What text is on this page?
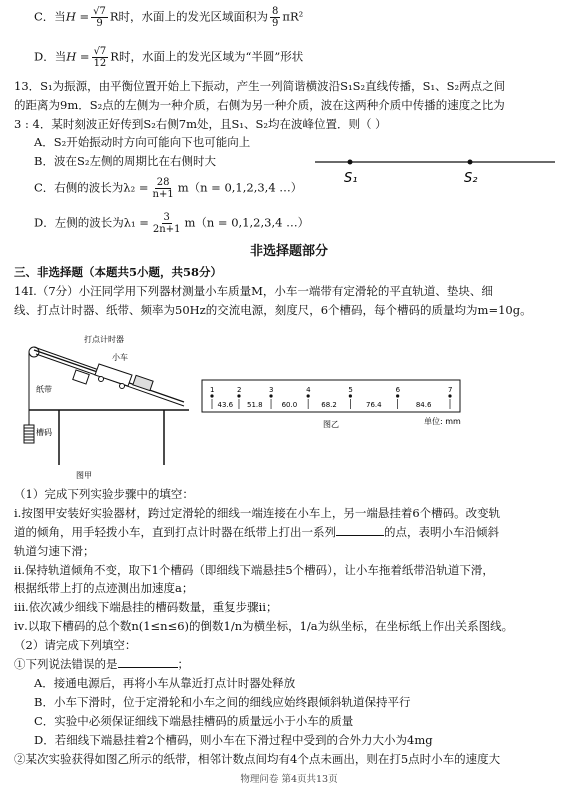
C．当$H = \frac{√7}{9}$ R时，水面上的发光区域面积为 $\frac{8}{9} \pi R^2$
D．当$H = \frac{√7}{12}$ R时，水面上的发光区域为“半圆”形状
13．S₁为振源，由平衡位置开始上下振动，产生一列简谐横波沿S₁S₂直线传播，S₁、S₂两点之间
的距离为9m．S₂点的左侧为一种介质，右侧为另一种介质，波在这两种介质中传播的速度之比为
3 : 4．某时刻波正好传到S₂右侧7m处，且S₁、S₂均在波峰位置．则（ ）
A．S₂开始振动时方向可能向下也可能向上
B．波在S₂左侧的周期比在右侧时大
C．右侧的波长为$\lambda_2 = \frac{28}{n+1} m(n = 0,1,2,3,4$ …）
D．左侧的波长为$\lambda_1 = \frac{3}{2n+1} m(n = 0,1,2,3,4$ …）
S₁	S₂
非选择题部分
三、非选择题（本题共5小题，共58分）
14Ⅰ.（7分）小汪同学用下列器材测量小车质量M，小车一端带有定滑轮的平直轨道、垫块、细
线、打点计时器、纸带、频率为50Hz的交流电源，刻度尺，6个槽码，每个槽码的质量均为m=10g。
打点计时器
小车
纸带
槽码
图甲
1	2	3	4	5	6	7
43.6 51.8	60.0	68.2	76.4	84.6
单位: mm
图乙
（1）完成下列实验步骤中的填空：
ⅰ.按图甲安装好实验器材，跨过定滑轮的细线一端连接在小车上，另一端悬挂着6个槽码。改变轨
道的倾角，用手轻拨小车，直到打点计时器在纸带上打出一系列	的点，表明小车沿倾斜
轨道匀速下滑；
ⅱ.保持轨道倾角不变，取下1个槽码（即细线下端悬挂5个槽码），让小车拖着纸带沿轨道下滑，
根据纸带上打的点迹测出加速度a；
ⅲ.依次减少细线下端悬挂的槽码数量，重复步骤ⅱ；
ⅳ.以取下槽码的总个数n(1≤n≤6)的倒数1/n为横坐标，1/a为纵坐标，在坐标纸上作出关系图线。
（2）请完成下列填空：
①下列说法错误的是	；
A．接通电源后，再将小车从靠近打点计时器处释放
B．小车下滑时，位于定滑轮和小车之间的细线应始终跟倾斜轨道保持平行
C．实验中必须保证细线下端悬挂槽码的质量远小于小车的质量
D．若细线下端悬挂着2个槽码，则小车在下滑过程中受到的合外力大小为4mg
②某次实验获得如图乙所示的纸带，相邻计数点间均有4个点未画出，则在打5点时小车的速度大
物理问卷 第4页共13页
